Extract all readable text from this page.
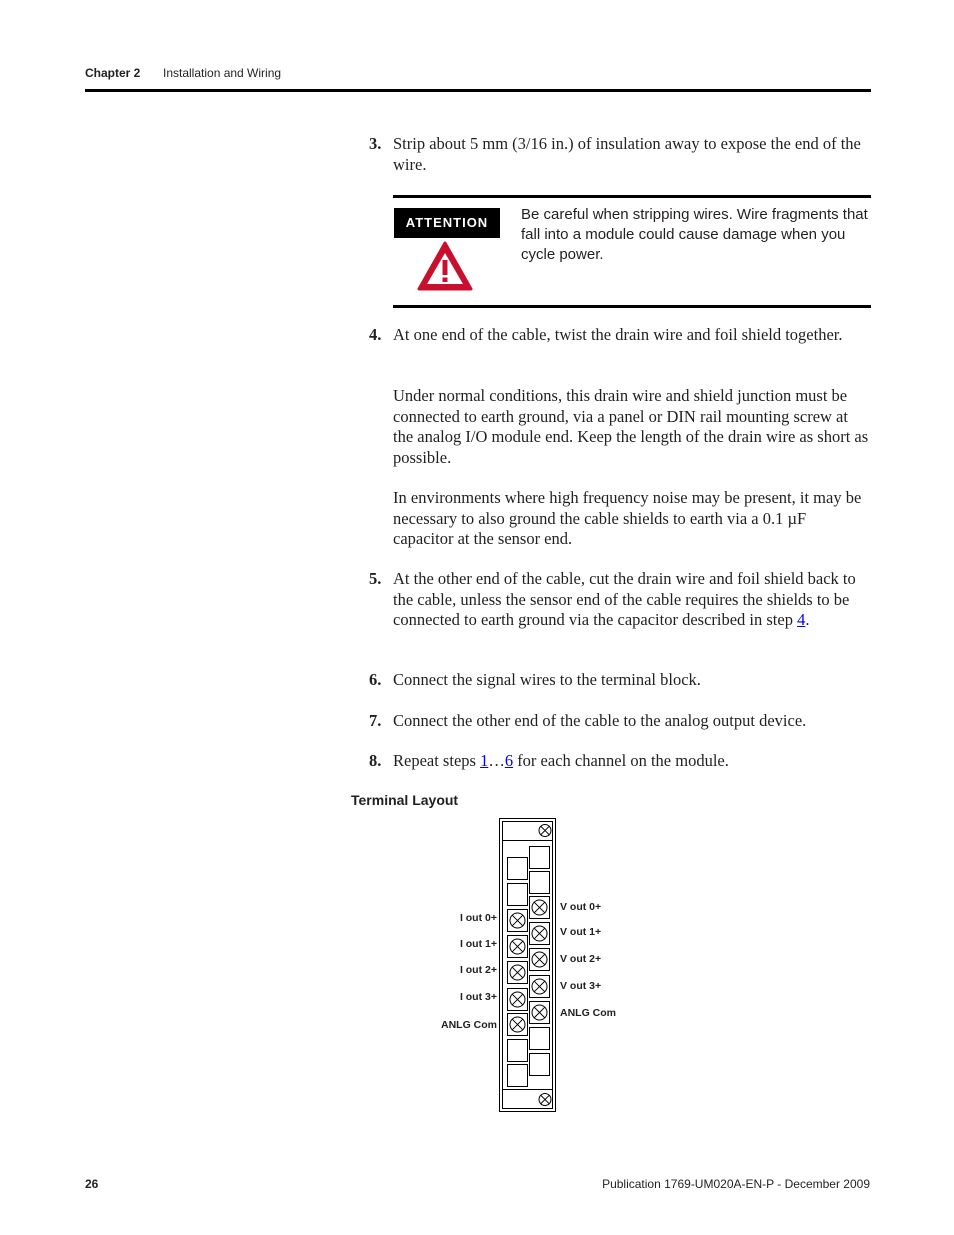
Chapter 2 Installation and Wiring
3. Strip about 5 mm (3/16 in.) of insulation away to expose the end of the wire.
ATTENTION	Be careful when stripping wires. Wire fragments that fall into a module could cause damage when you cycle power.
4. At one end of the cable, twist the drain wire and foil shield together.
Under normal conditions, this drain wire and shield junction must be connected to earth ground, via a panel or DIN rail mounting screw at the analog I/O module end. Keep the length of the drain wire as short as possible.
In environments where high frequency noise may be present, it may be necessary to also ground the cable shields to earth via a 0.1 µF capacitor at the sensor end.
5. At the other end of the cable, cut the drain wire and foil shield back to the cable, unless the sensor end of the cable requires the shields to be connected to earth ground via the capacitor described in step 4.
6. Connect the signal wires to the terminal block.
7. Connect the other end of the cable to the analog output device.
8. Repeat steps 1…6 for each channel on the module.
Terminal Layout
I out 0+
I out 1+
I out 2+
I out 3+
ANLG Com
V out 0+
V out 1+
V out 2+
V out 3+
ANLG Com
26	Publication 1769-UM020A-EN-P - December 2009
